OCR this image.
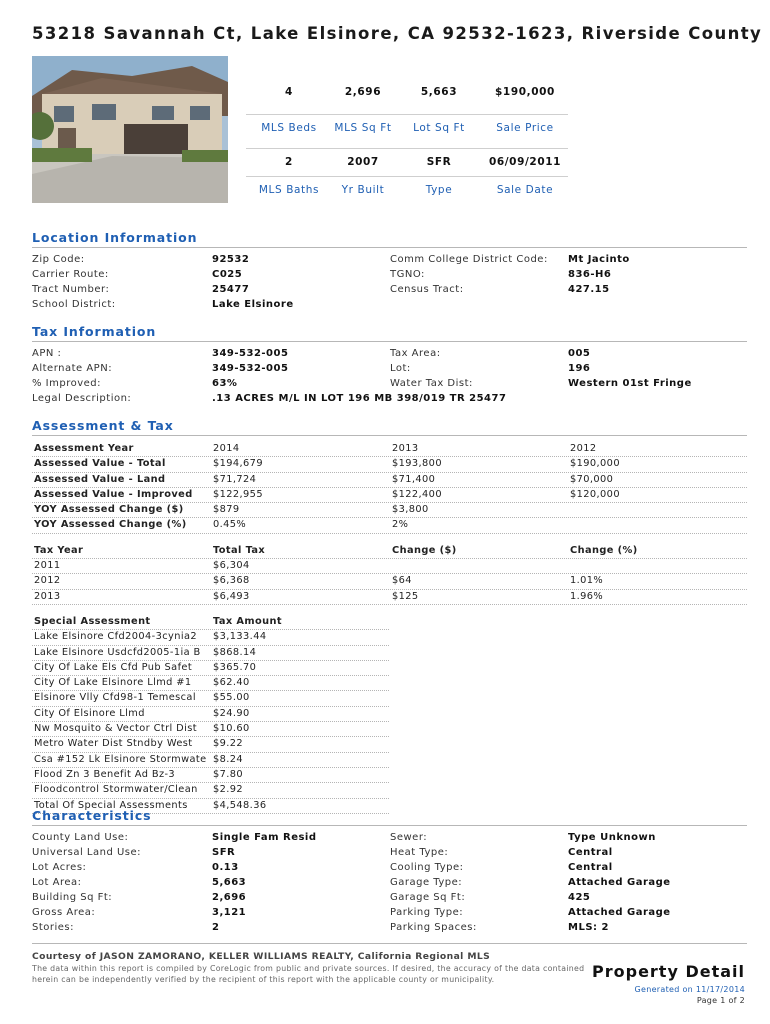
53218 Savannah Ct, Lake Elsinore, CA 92532-1623, Riverside County
4	2,696	5,663	$190,000
MLS Beds	MLS Sq Ft	Lot Sq Ft	Sale Price
2	2007	SFR	06/09/2011
MLS Baths	Yr Built	Type	Sale Date
Location Information
Zip Code:	92532	Comm College District Code: Mt Jacinto
Carrier Route:	C025	TGNO:	836-H6
Tract Number:	25477	Census Tract:	427.15
School District:	Lake Elsinore
Tax Information
APN :	349-532-005	Tax Area:	005
Alternate APN:	349-532-005	Lot:	196
% Improved:	63%	Water Tax Dist:	Western 01st Fringe
Legal Description:	.13 ACRES M/L IN LOT 196 MB 398/019 TR 25477
Assessment & Tax
Assessment Year	2014	2013	2012
Assessed Value - Total	$194,679	$193,800	$190,000
Assessed Value - Land	$71,724	$71,400	$70,000
Assessed Value - Improved $122,955	$122,400	$120,000
YOY Assessed Change ($)	$879	$3,800
YOY Assessed Change (%)	0.45%	2%
Tax Year	Total Tax	Change ($)	Change (%)
2011	$6,304
2012	$6,368	$64	1.01%
2013	$6,493	$125	1.96%
Special Assessment	Tax Amount
Lake Elsinore Cfd2004-3cynia2 $3,133.44
Lake Elsinore Usdcfd2005-1ia B $868.14
City Of Lake Els Cfd Pub Safet $365.70
City Of Lake Elsinore Llmd #1 $62.40
Elsinore Vlly Cfd98-1 Temescal $55.00
City Of Elsinore Llmd	$24.90
Nw Mosquito & Vector Ctrl Dist $10.60
Metro Water Dist Stndby West $9.22
Csa #152 Lk Elsinore Stormwate $8.24
Flood Zn 3 Benefit Ad Bz-3	$7.80
Floodcontrol Stormwater/Clean $2.92
Total Of Special Assessments	$4,548.36
Characteristics
County Land Use:	Single Fam Resid	Sewer:	Type Unknown
Universal Land Use:	SFR	Heat Type:	Central
Lot Acres:	0.13	Cooling Type:	Central
Lot Area:	5,663	Garage Type:	Attached Garage
Building Sq Ft:	2,696	Garage Sq Ft:	425
Gross Area:	3,121	Parking Type:	Attached Garage
Stories:	2	Parking Spaces:	MLS: 2
Courtesy of JASON ZAMORANO, KELLER WILLIAMS REALTY, California Regional MLS
The data within this report is compiled by CoreLogic from public and private sources. If desired, the accuracy of the data contained herein can be independently verified by the recipient of this report with the applicable county or municipality.	Property Detail
Generated on 11/17/2014
Page 1 of 2
